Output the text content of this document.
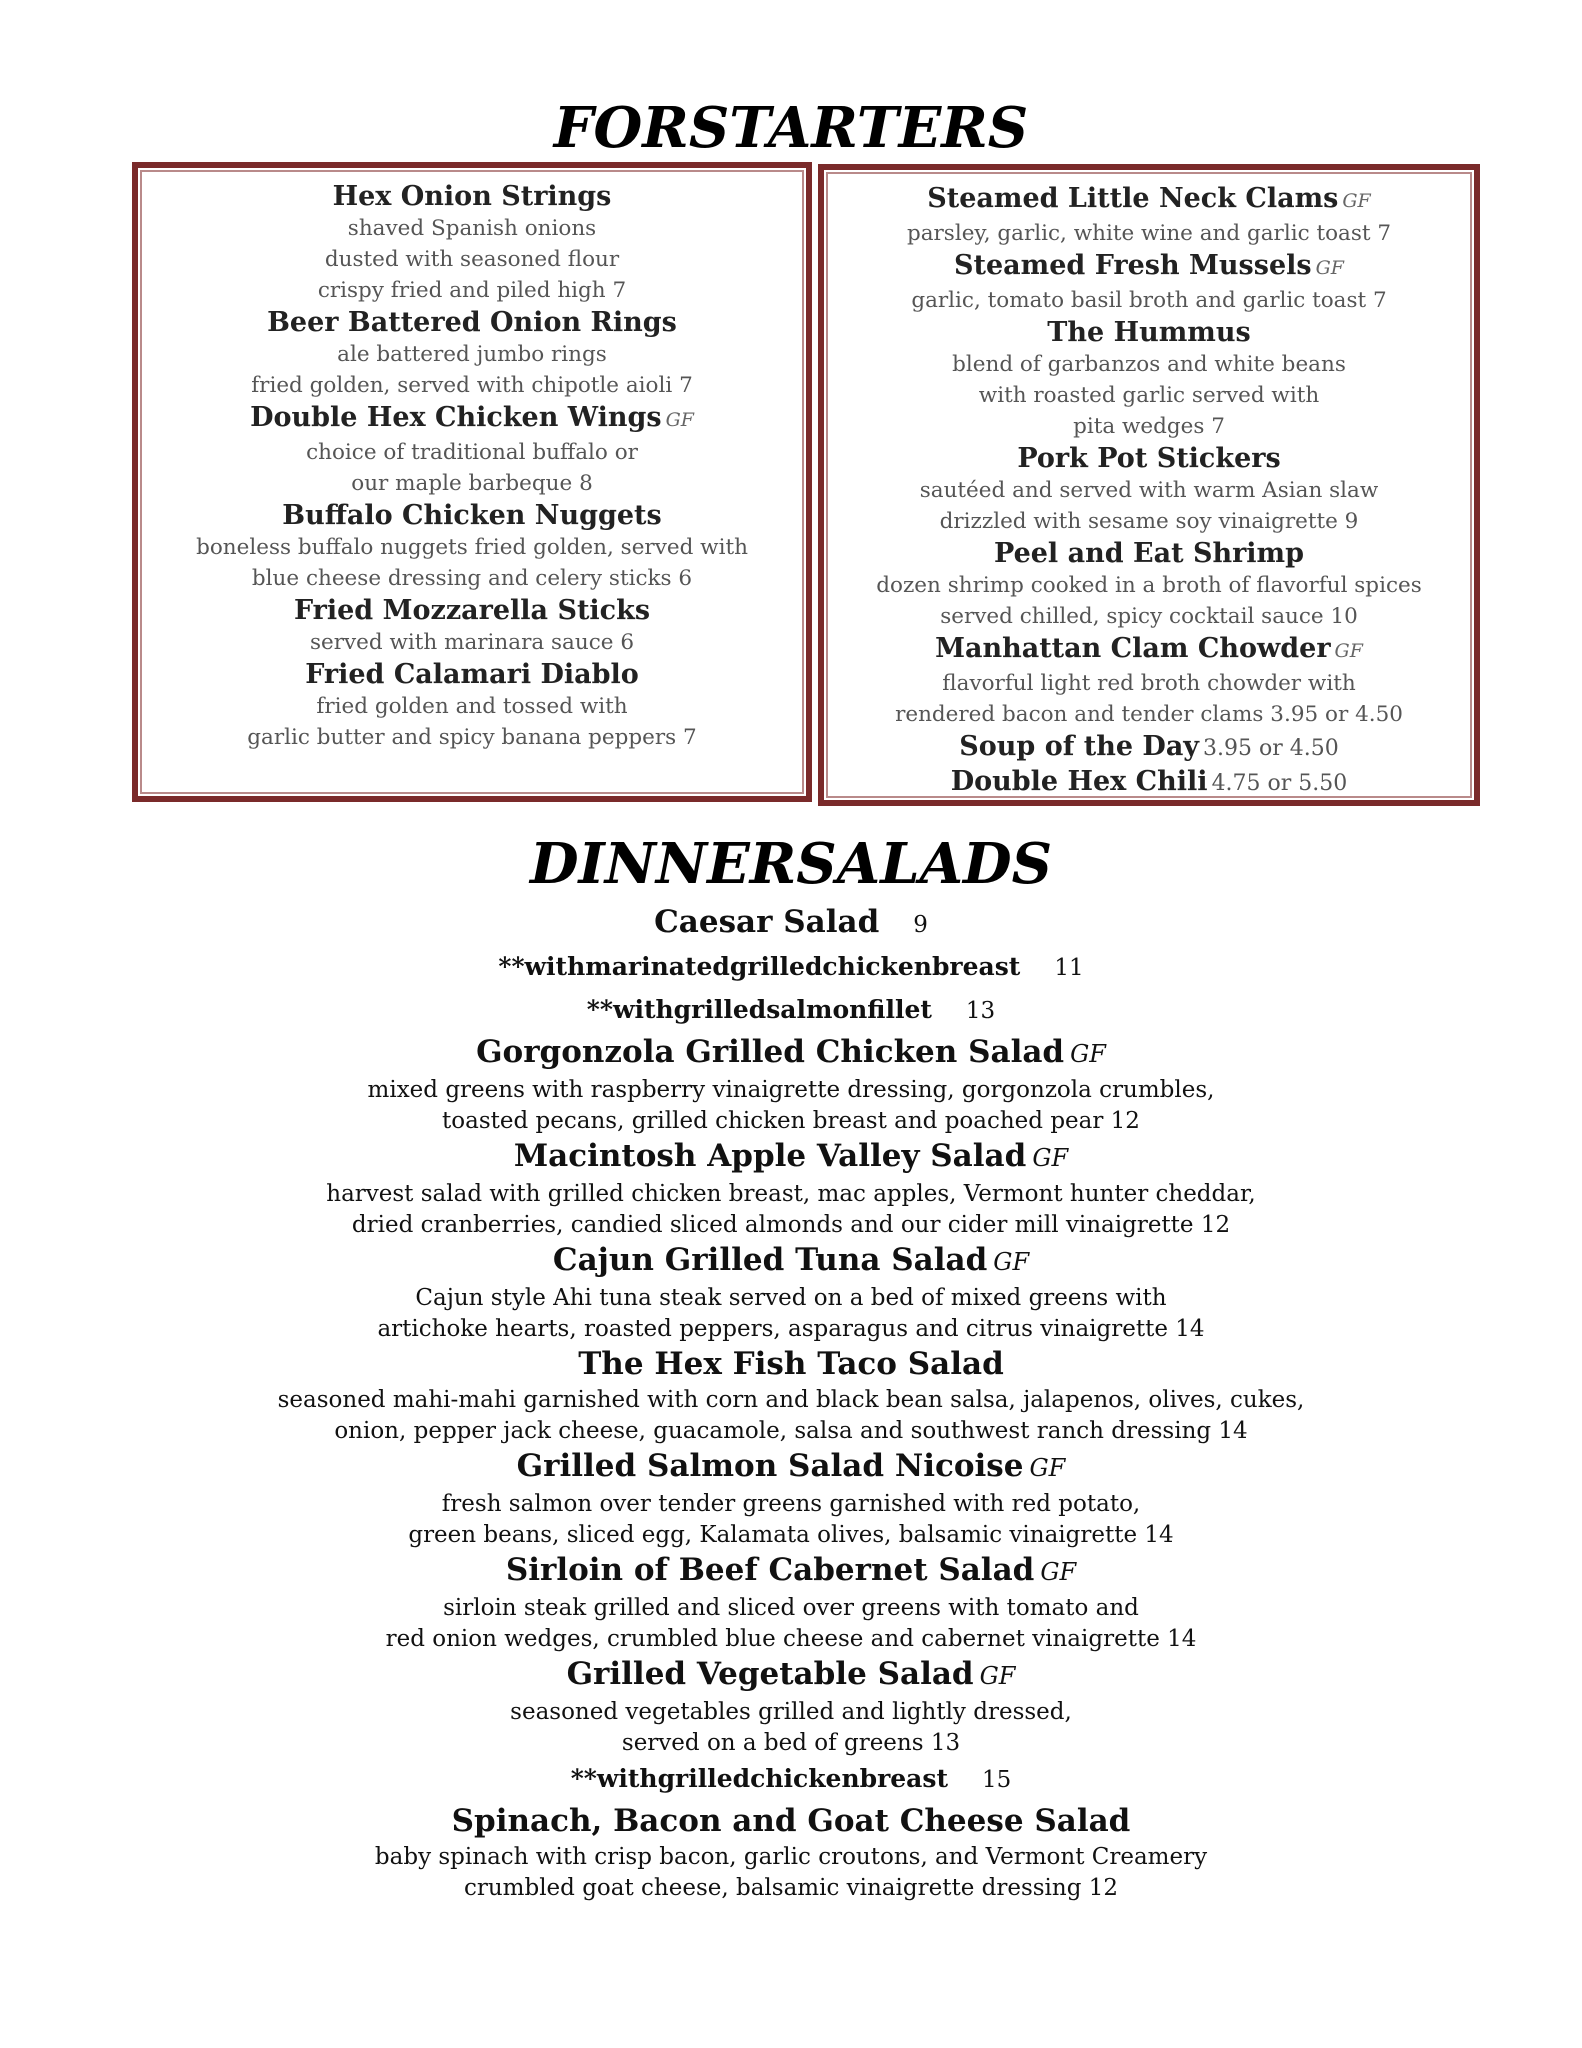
FORSTARTERS
Hex Onion Strings
shaved Spanish onions
dusted with seasoned flour
crispy fried and piled high 7
Beer Battered Onion Rings
ale battered jumbo rings
fried golden, served with chipotle aioli 7
Double Hex Chicken Wings GF
choice of traditional buffalo or
our maple barbeque 8
Buffalo Chicken Nuggets
boneless buffalo nuggets fried golden, served with
blue cheese dressing and celery sticks 6
Fried Mozzarella Sticks
served with marinara sauce 6
Fried Calamari Diablo
fried golden and tossed with
garlic butter and spicy banana peppers 7
Steamed Little Neck Clams GF
parsley, garlic, white wine and garlic toast 7
Steamed Fresh Mussels GF
garlic, tomato basil broth and garlic toast 7
The Hummus
blend of garbanzos and white beans
with roasted garlic served with
pita wedges 7
Pork Pot Stickers
sautéed and served with warm Asian slaw
drizzled with sesame soy vinaigrette 9
Peel and Eat Shrimp
dozen shrimp cooked in a broth of flavorful spices
served chilled, spicy cocktail sauce 10
Manhattan Clam Chowder GF
flavorful light red broth chowder with
rendered bacon and tender clams 3.95 or 4.50
Soup of the Day 3.95 or 4.50
Double Hex Chili 4.75 or 5.50
DINNERSALADS
Caesar Salad 9
**withmarinatedgrilledchickenbreast 11
**withgrilledsalmonfillet 13
Gorgonzola Grilled Chicken Salad GF
mixed greens with raspberry vinaigrette dressing, gorgonzola crumbles,
toasted pecans, grilled chicken breast and poached pear 12
Macintosh Apple Valley Salad GF
harvest salad with grilled chicken breast, mac apples, Vermont hunter cheddar,
dried cranberries, candied sliced almonds and our cider mill vinaigrette 12
Cajun Grilled Tuna Salad GF
Cajun style Ahi tuna steak served on a bed of mixed greens with
artichoke hearts, roasted peppers, asparagus and citrus vinaigrette 14
The Hex Fish Taco Salad
seasoned mahi-mahi garnished with corn and black bean salsa, jalapenos, olives, cukes,
onion, pepper jack cheese, guacamole, salsa and southwest ranch dressing 14
Grilled Salmon Salad Nicoise GF
fresh salmon over tender greens garnished with red potato,
green beans, sliced egg, Kalamata olives, balsamic vinaigrette 14
Sirloin of Beef Cabernet Salad GF
sirloin steak grilled and sliced over greens with tomato and
red onion wedges, crumbled blue cheese and cabernet vinaigrette 14
Grilled Vegetable Salad GF
seasoned vegetables grilled and lightly dressed,
served on a bed of greens 13
**withgrilledchickenbreast 15
Spinach, Bacon and Goat Cheese Salad
baby spinach with crisp bacon, garlic croutons, and Vermont Creamery
crumbled goat cheese, balsamic vinaigrette dressing 12
